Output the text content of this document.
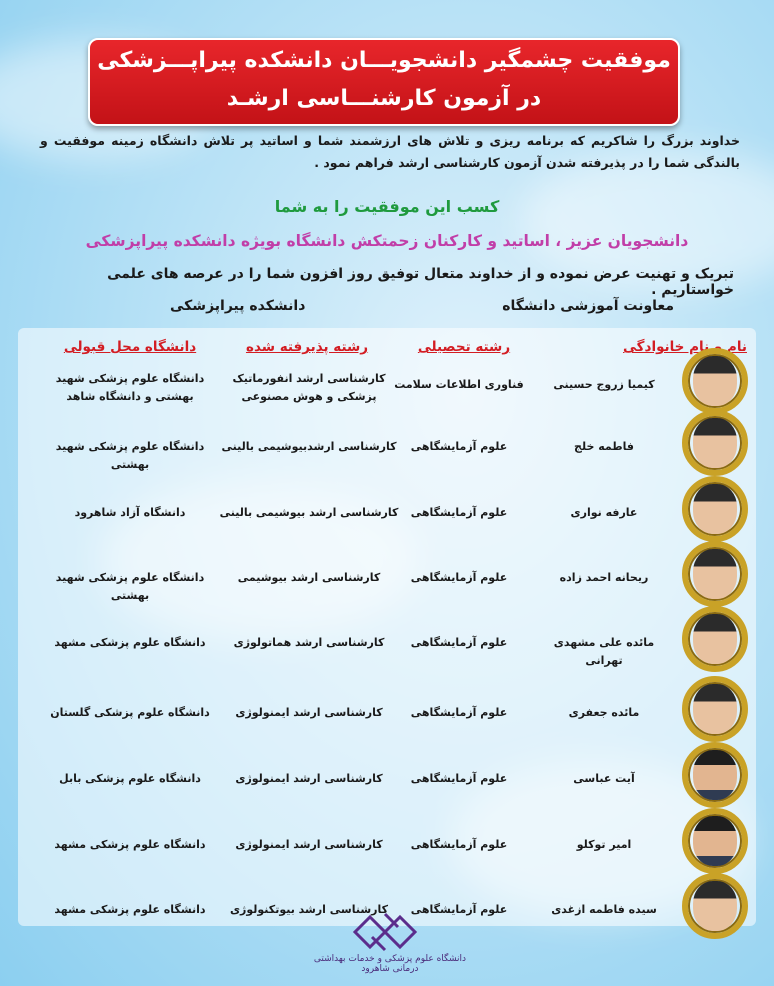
موفقیت چشمگیر دانشجویـــان دانشکده پیراپـــزشکی
در آزمون کارشنـــاسی ارشـد
خداوند بزرگ را شاکریم که برنامه ریزی و تلاش های ارزشمند شما و اساتید پر تلاش دانشگاه زمینه موفقیت و بالندگی شما را در پذیرفته شدن آزمون کارشناسی ارشد فراهم نمود .
کسب این موفقیت را به شما
دانشجویان عزیز ، اساتید و کارکنان زحمتکش دانشگاه بویژه دانشکده پیراپزشکی
تبریک و تهنیت عرض نموده و از خداوند متعال توفیق روز افزون شما را در عرصه های علمی خواستاریم .
معاونت آموزشی دانشگاه
دانشکده پیراپزشکی
نام و نام خانوادگی
رشته تحصیلی
رشته پذیرفته شده
دانشگاه محل قبولی
کیمیا زروج حسینی
فناوری اطلاعات سلامت
کارشناسی ارشد انفورماتیک پزشکی و هوش مصنوعی
دانشگاه علوم پزشکی شهید بهشتی و دانشگاه شاهد
فاطمه خلج
علوم آزمایشگاهی
کارشناسی ارشدبیوشیمی بالینی
دانشگاه علوم پزشکی شهید بهشتی
عارفه نواری
علوم آزمایشگاهی
کارشناسی ارشد بیوشیمی بالینی
دانشگاه آزاد شاهرود
ریحانه احمد زاده
علوم آزمایشگاهی
کارشناسی ارشد بیوشیمی
دانشگاه علوم پزشکی شهید بهشتی
مائده علی مشهدی تهرانی
علوم آزمایشگاهی
کارشناسی ارشد هماتولوژی
دانشگاه علوم پزشکی مشهد
مائده جعفری
علوم آزمایشگاهی
کارشناسی ارشد ایمنولوژی
دانشگاه علوم پزشکی گلستان
آیت عباسی
علوم آزمایشگاهی
کارشناسی ارشد ایمنولوژی
دانشگاه علوم پزشکی بابل
امیر توکلو
علوم آزمایشگاهی
کارشناسی ارشد ایمنولوژی
دانشگاه علوم پزشکی مشهد
سیده فاطمه ازغدی
علوم آزمایشگاهی
کارشناسی ارشد بیوتکنولوژی
دانشگاه علوم پزشکی مشهد
دانشگاه علوم پزشکی و خدمات بهداشتی درمانی شاهرود
